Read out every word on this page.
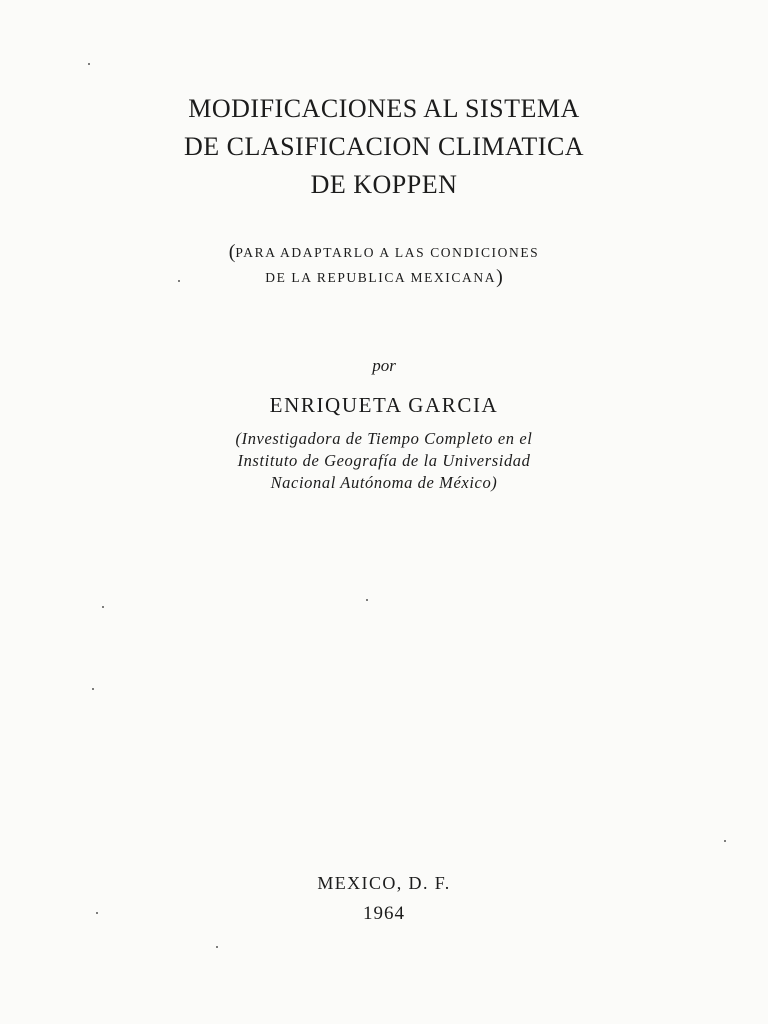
MODIFICACIONES AL SISTEMA
DE CLASIFICACION CLIMATICA
DE KOPPEN
(PARA ADAPTARLO A LAS CONDICIONES
DE LA REPUBLICA MEXICANA)
por
ENRIQUETA GARCIA
(Investigadora de Tiempo Completo en el
Instituto de Geografía de la Universidad
Nacional Autónoma de México)
MEXICO, D. F.
1964
